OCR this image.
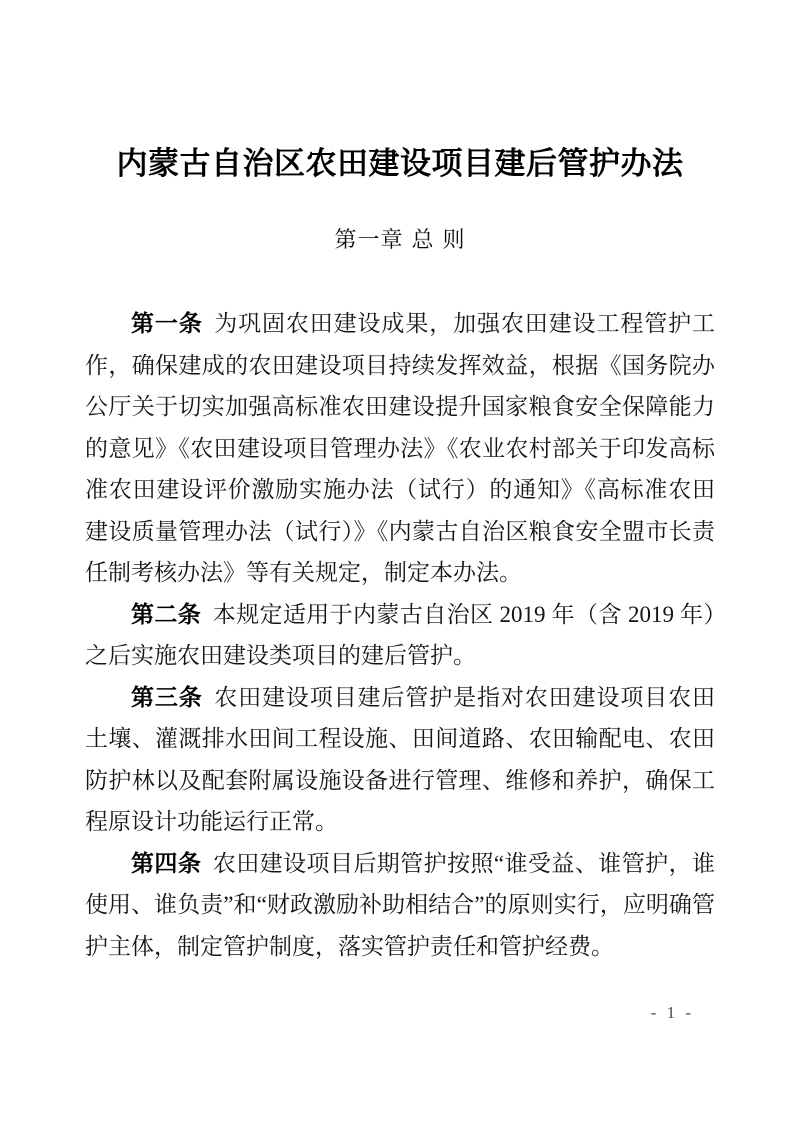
内蒙古自治区农田建设项目建后管护办法
第一章 总 则

第一条 为巩固农田建设成果，加强农田建设工程管护工作，确保建成的农田建设项目持续发挥效益，根据《国务院办公厅关于切实加强高标准农田建设提升国家粮食安全保障能力的意见》《农田建设项目管理办法》《农业农村部关于印发高标准农田建设评价激励实施办法（试行）的通知》《高标准农田建设质量管理办法（试行）》《内蒙古自治区粮食安全盟市长责任制考核办法》等有关规定，制定本办法。

第二条 本规定适用于内蒙古自治区 2019 年（含 2019 年）之后实施农田建设类项目的建后管护。

第三条 农田建设项目建后管护是指对农田建设项目农田土壤、灌溉排水田间工程设施、田间道路、农田输配电、农田防护林以及配套附属设施设备进行管理、维修和养护，确保工程原设计功能运行正常。

第四条 农田建设项目后期管护按照“谁受益、谁管护，谁使用、谁负责”和“财政激励补助相结合”的原则实行，应明确管护主体，制定管护制度，落实管护责任和管护经费。

- 1 -
